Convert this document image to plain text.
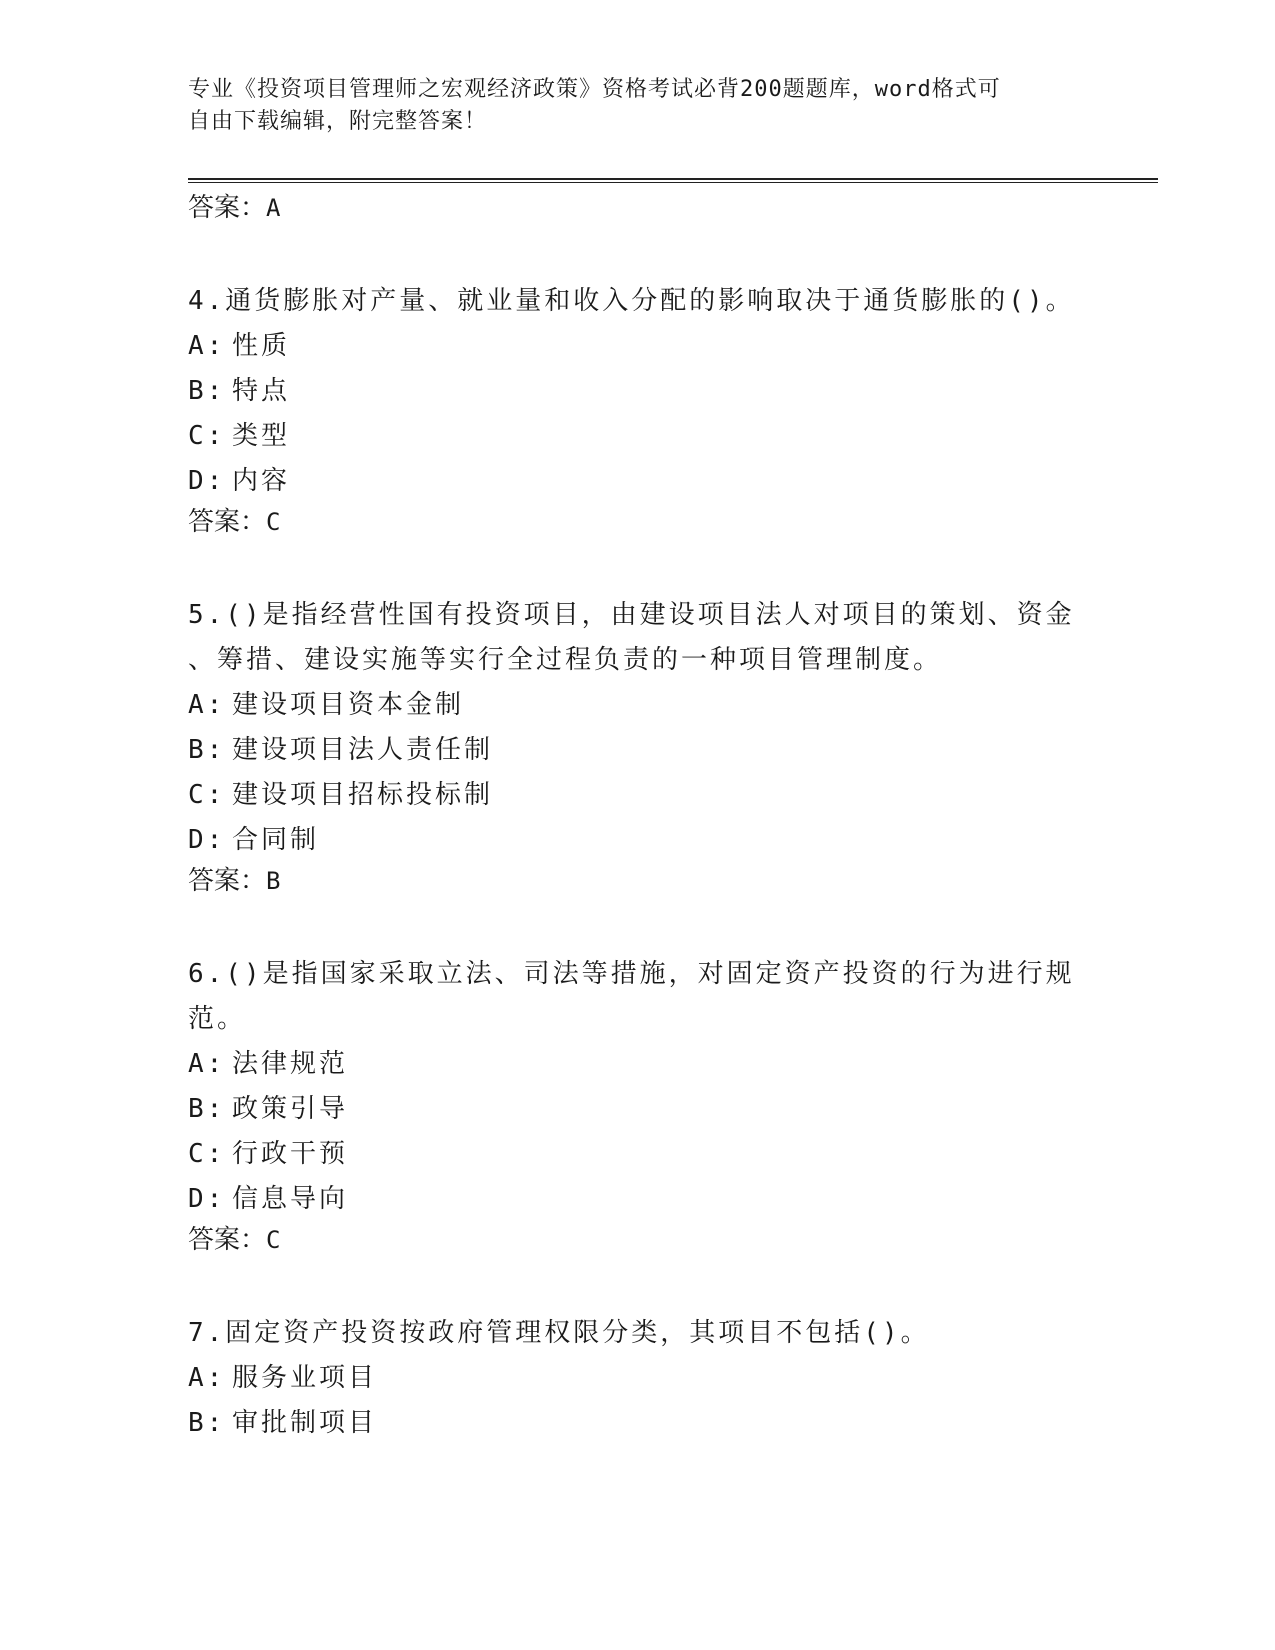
专业《投资项目管理师之宏观经济政策》资格考试必背200题题库，word格式可
自由下载编辑，附完整答案！
答案：A
4.通货膨胀对产量、就业量和收入分配的影响取决于通货膨胀的()。
A: 性质
B: 特点
C: 类型
D: 内容
答案：C
5.()是指经营性国有投资项目，由建设项目法人对项目的策划、资金
、筹措、建设实施等实行全过程负责的一种项目管理制度。
A: 建设项目资本金制
B: 建设项目法人责任制
C: 建设项目招标投标制
D: 合同制
答案：B
6.()是指国家采取立法、司法等措施，对固定资产投资的行为进行规
范。
A: 法律规范
B: 政策引导
C: 行政干预
D: 信息导向
答案：C
7.固定资产投资按政府管理权限分类，其项目不包括()。
A: 服务业项目
B: 审批制项目
